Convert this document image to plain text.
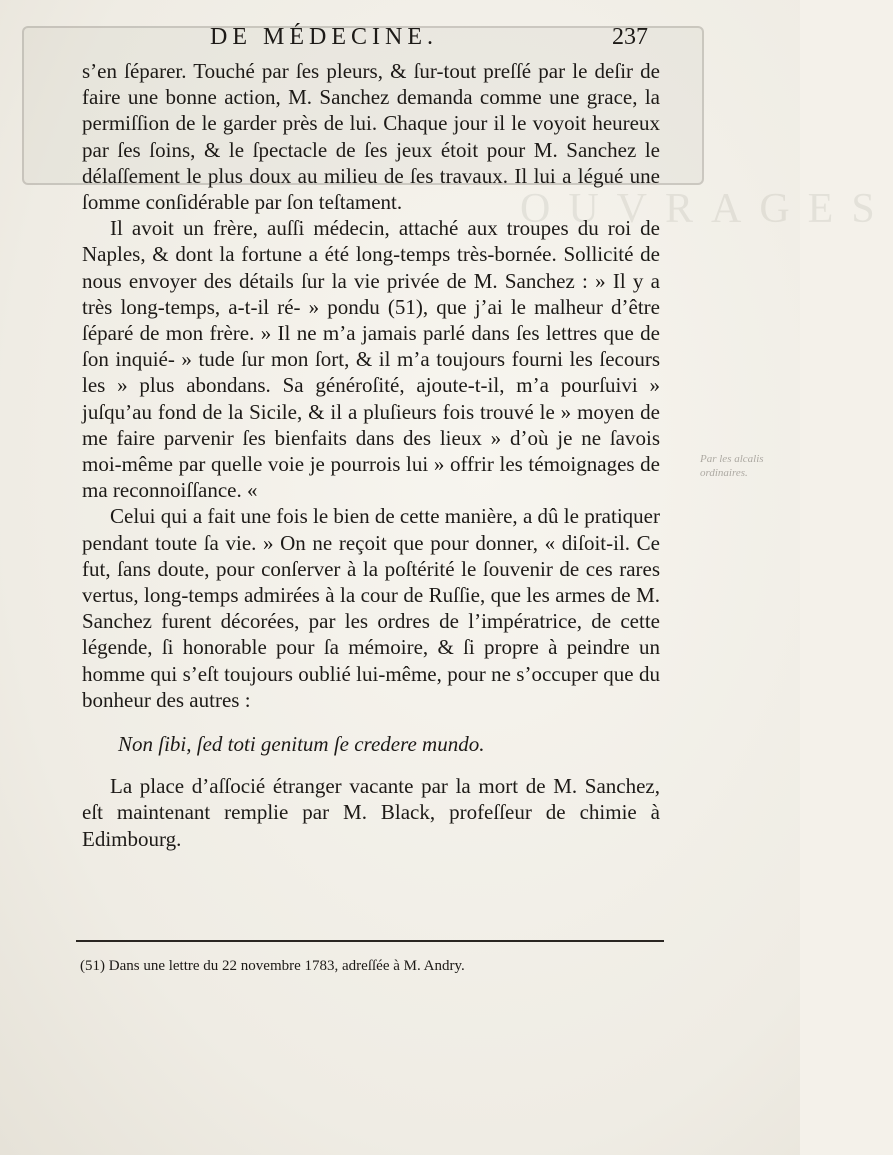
OUVRAGES
DE MÉDECINE.	237

s’en ſéparer. Touché par ſes pleurs, & ſur-tout preſſé par le deſir de faire une bonne action, M. Sanchez demanda comme une grace, la permiſſion de le garder près de lui. Chaque jour il le voyoit heureux par ſes ſoins, & le ſpectacle de ſes jeux étoit pour M. Sanchez le délaſſement le plus doux au milieu de ſes travaux. Il lui a légué une ſomme conſidérable par ſon teſtament.

Il avoit un frère, auſſi médecin, attaché aux troupes du roi de Naples, & dont la fortune a été long-temps très-bornée. Sollicité de nous envoyer des détails ſur la vie privée de M. Sanchez : » Il y a très long-temps, a-t-il ré- » pondu (51), que j’ai le malheur d’être ſéparé de mon frère. » Il ne m’a jamais parlé dans ſes lettres que de ſon inquié- » tude ſur mon ſort, & il m’a toujours fourni les ſecours les » plus abondans. Sa généroſité, ajoute-t-il, m’a pourſuivi » juſqu’au fond de la Sicile, & il a pluſieurs fois trouvé le » moyen de me faire parvenir ſes bienfaits dans des lieux » d’où je ne ſavois moi-même par quelle voie je pourrois lui » offrir les témoignages de ma reconnoiſſance. «

Celui qui a fait une fois le bien de cette manière, a dû le pratiquer pendant toute ſa vie. » On ne reçoit que pour donner, « diſoit-il. Ce fut, ſans doute, pour conſerver à la poſtérité le ſouvenir de ces rares vertus, long-temps admirées à la cour de Ruſſie, que les armes de M. Sanchez furent décorées, par les ordres de l’impératrice, de cette légende, ſi honorable pour ſa mémoire, & ſi propre à peindre un homme qui s’eſt toujours oublié lui-même, pour ne s’occuper que du bonheur des autres :

Non ſibi, ſed toti genitum ſe credere mundo.

La place d’aſſocié étranger vacante par la mort de M. Sanchez, eſt maintenant remplie par M. Black, profeſſeur de chimie à Edimbourg.

Par les alcalis ordinaires.
(51) Dans une lettre du 22 novembre 1783, adreſſée à M. Andry.
